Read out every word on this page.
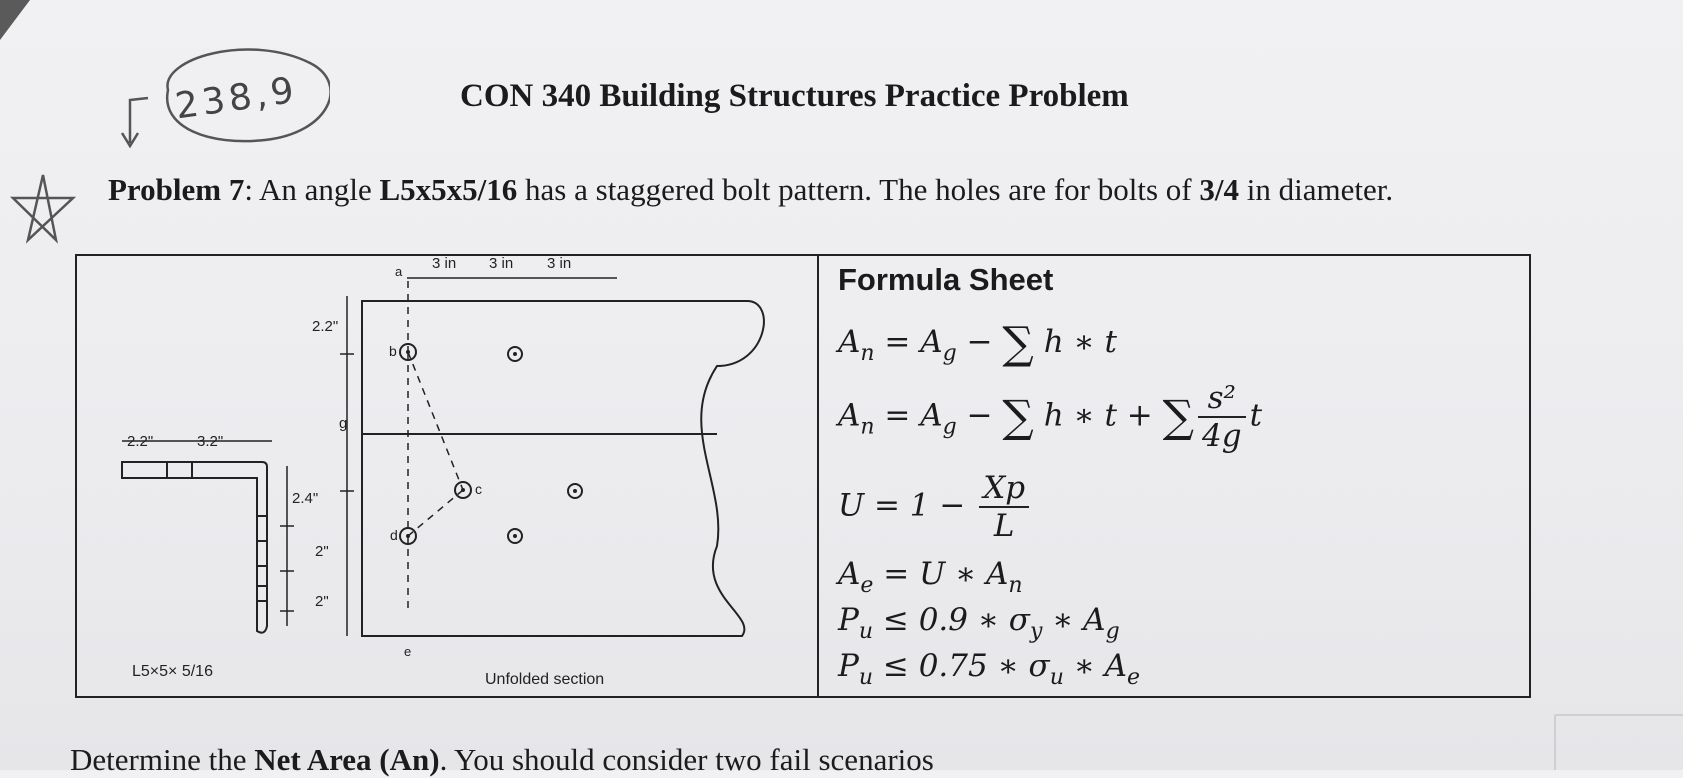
238,9	CON 340 Building Structures Practice Problem
Problem 7: An angle L5x5x5/16 has a staggered bolt pattern. The holes are for bolts of 3/4 in diameter.
2.2"	3.2"
2.4"
2"
2"
L5×5× 5/16
2.2"
g
3 in 3 in 3 in
a
b
c
d
e
Unfolded section
Formula Sheet
$A_n = A_g$ − ∑ h ∗ t
$A_n = A_g$ − ∑ h ∗ t + ∑ $\frac{\text{s²}}{4g}$ t
$U = 1 - \frac{Xp}{L}$
$A_e = U$ ∗ $A_n$
$P_u \le 0.9$ ∗ $\sigma_y$ ∗ $A_g$
$P_u \le 0.75$ ∗ $\sigma_u$ ∗ $A_e$
Determine the Net Area (An). You should consider two fail scenarios
